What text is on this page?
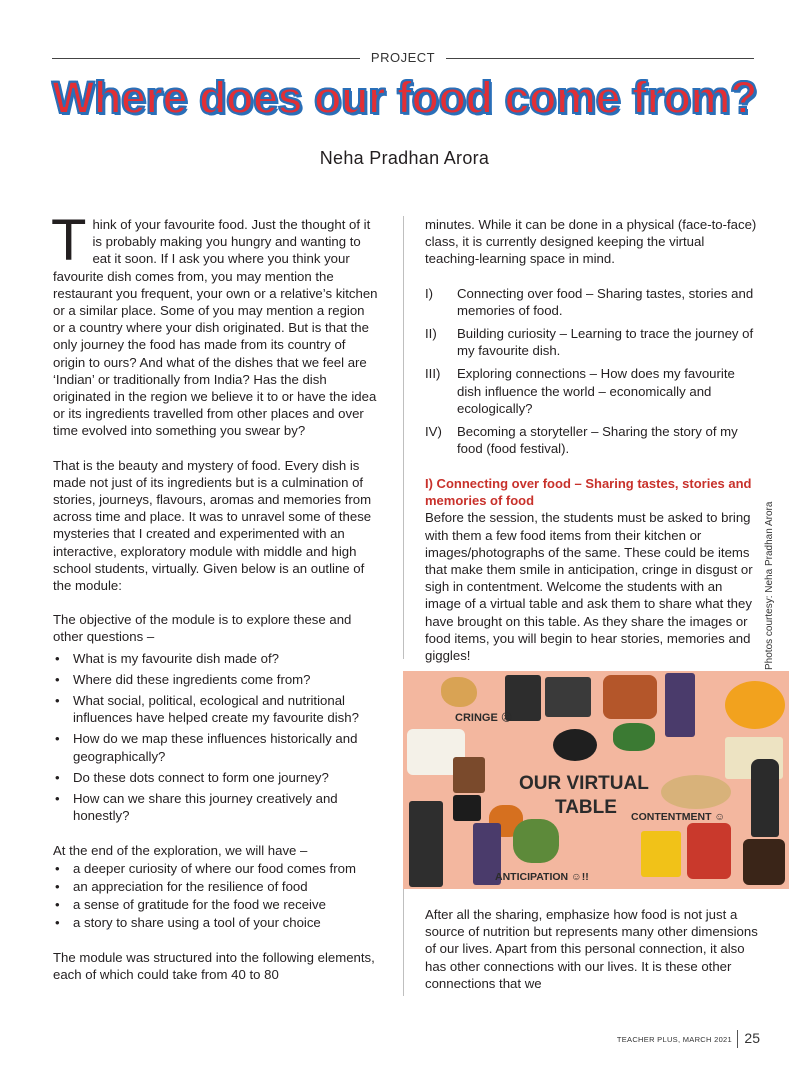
PROJECT
Where does our food come from?
Neha Pradhan Arora

Think of your favourite food. Just the thought of it is probably making you hungry and wanting to eat it soon. If I ask you where you think your favourite dish comes from, you may mention the restaurant you frequent, your own or a relative’s kitchen or a similar place. Some of you may mention a region or a country where your dish originated. But is that the only journey the food has made from its country of origin to ours? And what of the dishes that we feel are ‘Indian’ or traditionally from India? Has the dish originated in the region we believe it to or have the idea or its ingredients travelled from other places and over time evolved into something you swear by?

That is the beauty and mystery of food. Every dish is made not just of its ingredients but is a culmination of stories, journeys, flavours, aromas and memories from across time and place. It was to unravel some of these mysteries that I created and experimented with an interactive, exploratory module with middle and high school students, virtually. Given below is an outline of the module:

The objective of the module is to explore these and other questions –

• What is my favourite dish made of?
• Where did these ingredients come from?
• What social, political, ecological and nutritional influences have helped create my favourite dish?
• How do we map these influences historically and geographically?
• Do these dots connect to form one journey?
• How can we share this journey creatively and honestly?

At the end of the exploration, we will have –

• a deeper curiosity of where our food comes from
• an appreciation for the resilience of food
• a sense of gratitude for the food we receive
• a story to share using a tool of your choice

The module was structured into the following elements, each of which could take from 40 to 80

minutes. While it can be done in a physical (face-to-face) class, it is currently designed keeping the virtual teaching-learning space in mind.

I) Connecting over food – Sharing tastes, stories and memories of food.
II) Building curiosity – Learning to trace the journey of my favourite dish.
III) Exploring connections – How does my favourite dish influence the world – economically and ecologically?
IV) Becoming a storyteller – Sharing the story of my food (food festival).
I) Connecting over food – Sharing tastes, stories and memories of food

Before the session, the students must be asked to bring with them a few food items from their kitchen or images/photographs of the same. These could be items that make them smile in anticipation, cringe in disgust or sigh in contentment. Welcome the students with an image of a virtual table and ask them to share what they have brought on this table. As they share the images or food items, you will begin to hear stories, memories and giggles!

CRINGE ☹
OUR VIRTUAL
TABLE CONTENTMENT ☺
ANTICIPATION ☺!!
Photos courtesy: Neha Pradhan Arora

After all the sharing, emphasize how food is not just a source of nutrition but represents many other dimensions of our lives. Apart from this personal connection, it also has other connections with our lives. It is these other connections that we

TEACHER PLUS, MARCH 2021 25
